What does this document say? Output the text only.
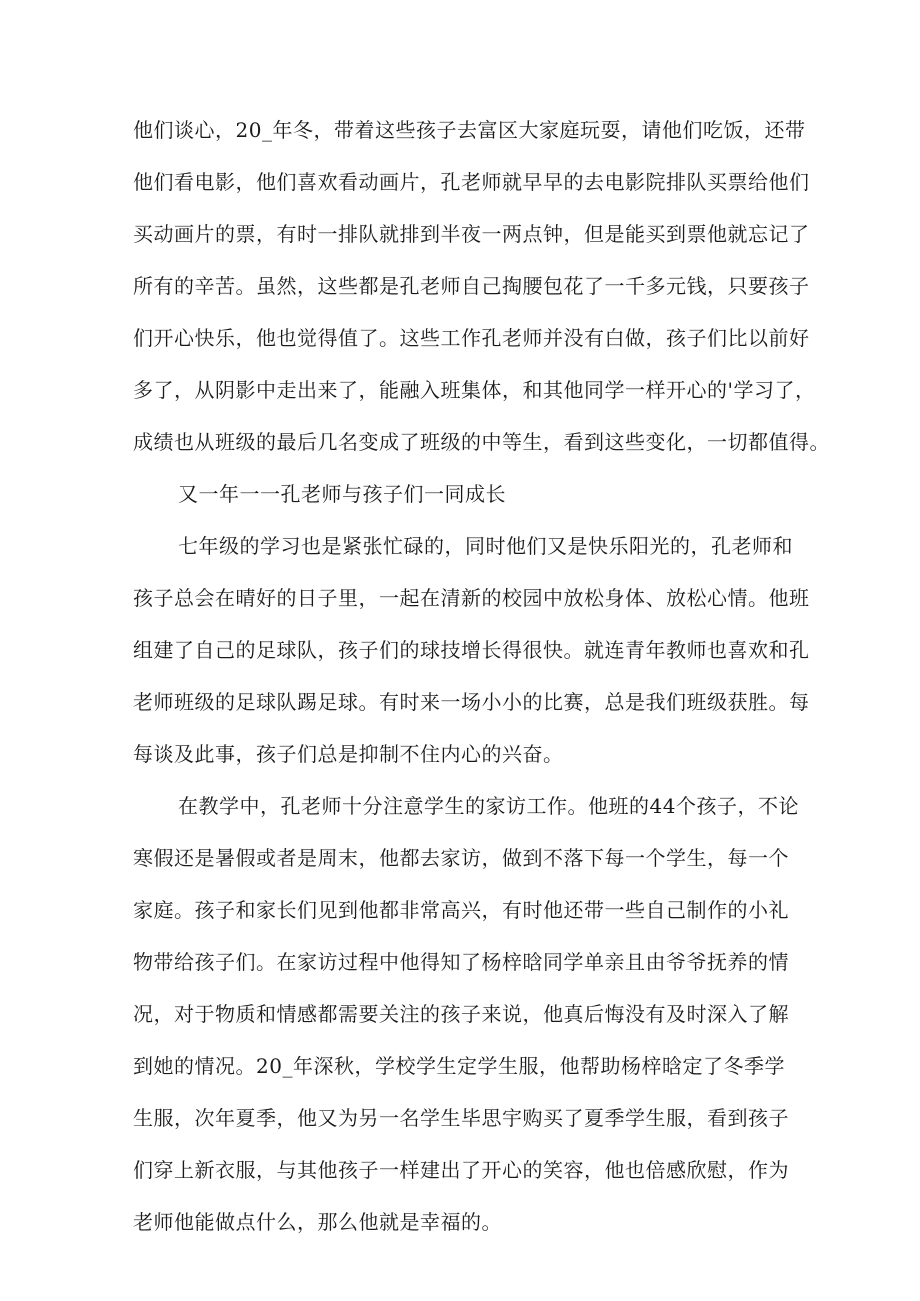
他们谈心，20_年冬，带着这些孩子去富区大家庭玩耍，请他们吃饭，还带
他们看电影，他们喜欢看动画片，孔老师就早早的去电影院排队买票给他们
买动画片的票，有时一排队就排到半夜一两点钟，但是能买到票他就忘记了
所有的辛苦。虽然，这些都是孔老师自己掏腰包花了一千多元钱，只要孩子
们开心快乐，他也觉得值了。这些工作孔老师并没有白做，孩子们比以前好
多了，从阴影中走出来了，能融入班集体，和其他同学一样开心的'学习了，
成绩也从班级的最后几名变成了班级的中等生，看到这些变化，一切都值得。
又一年一一孔老师与孩子们一同成长
七年级的学习也是紧张忙碌的，同时他们又是快乐阳光的，孔老师和
孩子总会在晴好的日子里，一起在清新的校园中放松身体、放松心情。他班
组建了自己的足球队，孩子们的球技增长得很快。就连青年教师也喜欢和孔
老师班级的足球队踢足球。有时来一场小小的比赛，总是我们班级获胜。每
每谈及此事，孩子们总是抑制不住内心的兴奋。
在教学中，孔老师十分注意学生的家访工作。他班的44个孩子，不论
寒假还是暑假或者是周末，他都去家访，做到不落下每一个学生，每一个
家庭。孩子和家长们见到他都非常高兴，有时他还带一些自己制作的小礼
物带给孩子们。在家访过程中他得知了杨梓晗同学单亲且由爷爷抚养的情
况，对于物质和情感都需要关注的孩子来说，他真后悔没有及时深入了解
到她的情况。20_年深秋，学校学生定学生服，他帮助杨梓晗定了冬季学
生服，次年夏季，他又为另一名学生毕思宇购买了夏季学生服，看到孩子
们穿上新衣服，与其他孩子一样建出了开心的笑容，他也倍感欣慰，作为
老师他能做点什么，那么他就是幸福的。
